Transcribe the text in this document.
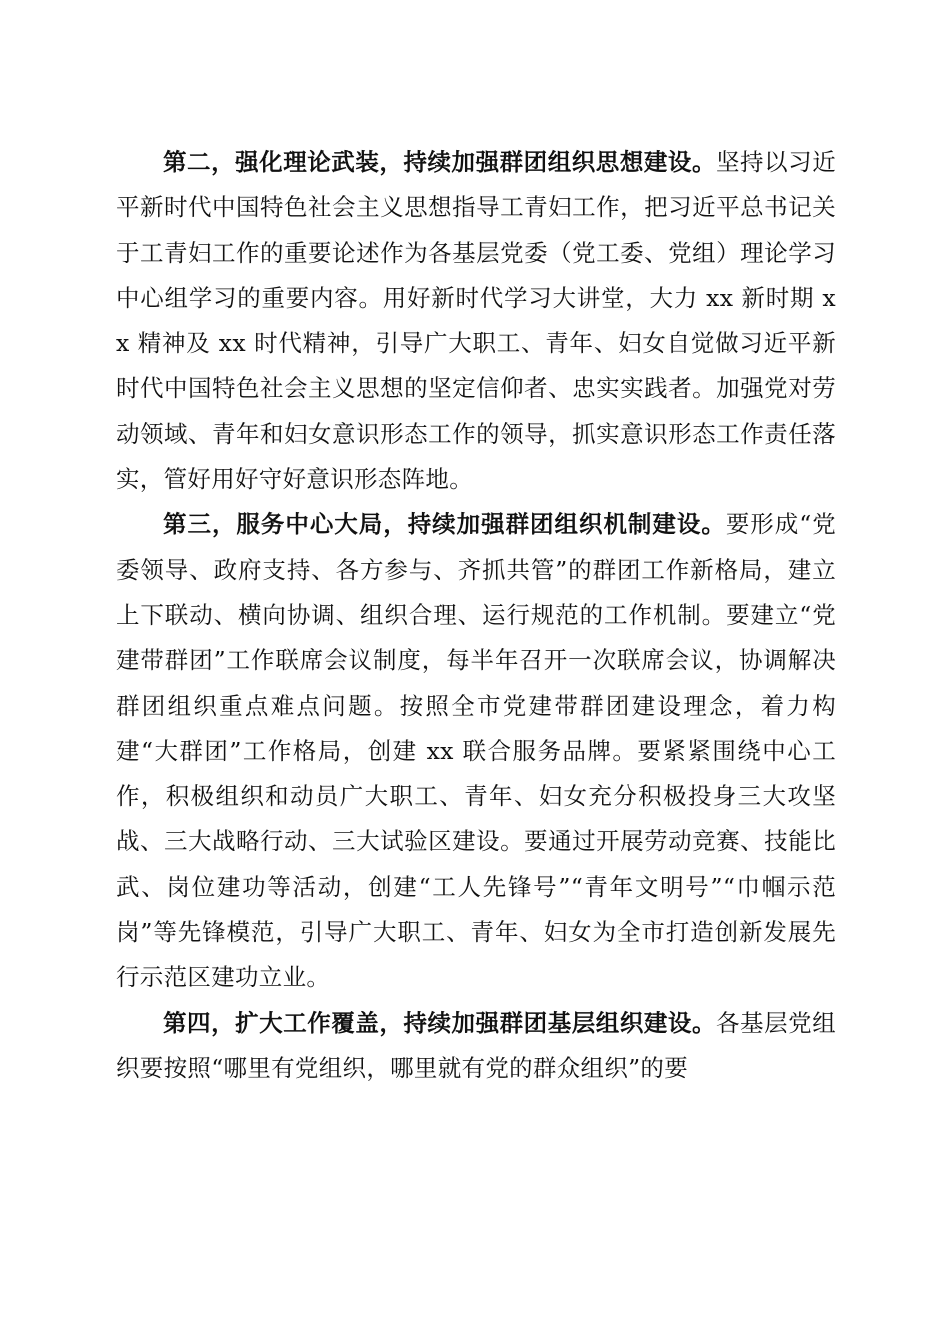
第二，强化理论武装，持续加强群团组织思想建设。坚持以习近平新时代中国特色社会主义思想指导工青妇工作，把习近平总书记关于工青妇工作的重要论述作为各基层党委（党工委、党组）理论学习中心组学习的重要内容。用好新时代学习大讲堂，大力 xx 新时期 xx 精神及 xx 时代精神，引导广大职工、青年、妇女自觉做习近平新时代中国特色社会主义思想的坚定信仰者、忠实实践者。加强党对劳动领域、青年和妇女意识形态工作的领导，抓实意识形态工作责任落实，管好用好守好意识形态阵地。

第三，服务中心大局，持续加强群团组织机制建设。要形成“党委领导、政府支持、各方参与、齐抓共管”的群团工作新格局，建立上下联动、横向协调、组织合理、运行规范的工作机制。要建立“党建带群团”工作联席会议制度，每半年召开一次联席会议，协调解决群团组织重点难点问题。按照全市党建带群团建设理念，着力构建“大群团”工作格局，创建 xx 联合服务品牌。要紧紧围绕中心工作，积极组织和动员广大职工、青年、妇女充分积极投身三大攻坚战、三大战略行动、三大试验区建设。要通过开展劳动竞赛、技能比武、岗位建功等活动，创建“工人先锋号”“青年文明号”“巾帼示范岗”等先锋模范，引导广大职工、青年、妇女为全市打造创新发展先行示范区建功立业。

第四，扩大工作覆盖，持续加强群团基层组织建设。各基层党组织要按照“哪里有党组织，哪里就有党的群众组织”的要
